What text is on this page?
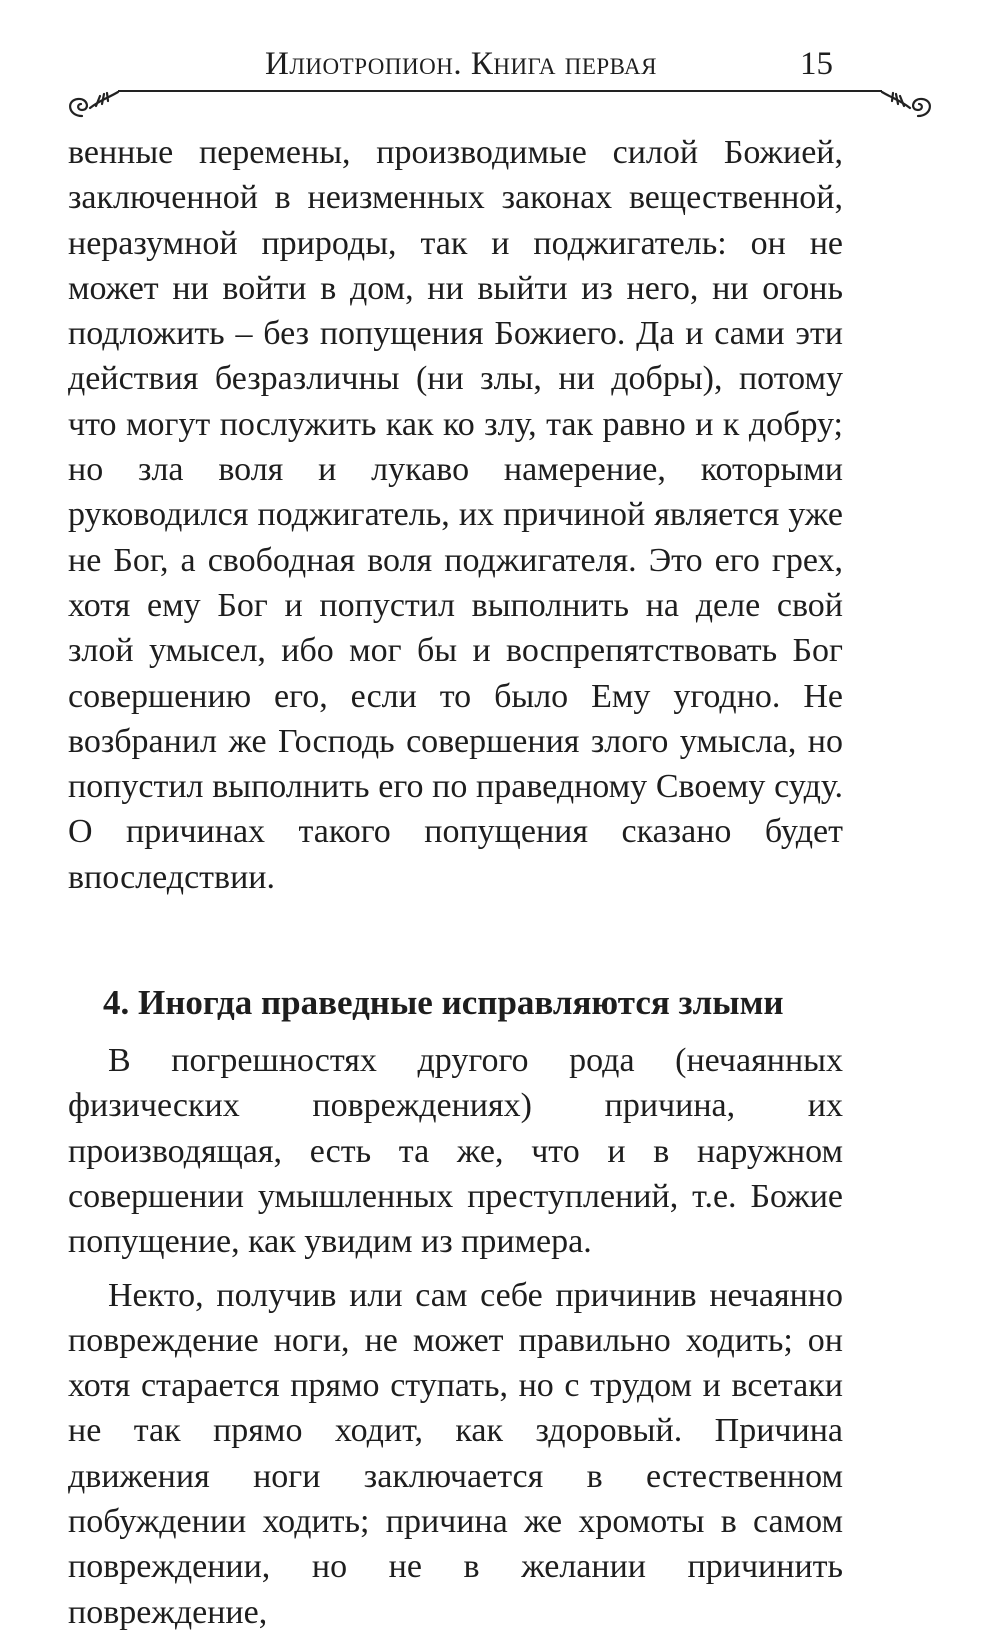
Илиотропион. Книга первая	15

венные перемены, производимые силой Божией, заключенной в неизменных законах вещественной, неразумной природы, так и поджигатель: он не может ни войти в дом, ни выйти из него, ни огонь подложить – без попущения Божиего. Да и сами эти действия безразличны (ни злы, ни добры), потому что могут послужить как ко злу, так равно и к добру; но зла воля и лукаво намерение, которыми руководился поджигатель, их причиной является уже не Бог, а свободная воля поджигателя. Это его грех, хотя ему Бог и попустил выполнить на деле свой злой умысел, ибо мог бы и воспрепятствовать Бог совершению его, если то было Ему угодно. Не возбранил же Господь совершения злого умысла, но попустил выполнить его по праведному Своему суду. О причинах такого попущения сказано будет впоследствии.

4. Иногда праведные исправляются злыми

В погрешностях другого рода (нечаянных физических повреждениях) причина, их производящая, есть та же, что и в наружном совершении умышленных преступлений, т.е. Божие попущение, как увидим из примера.

Некто, получив или сам себе причинив нечаянно повреждение ноги, не может правильно ходить; он хотя старается прямо ступать, но с трудом и всетаки не так прямо ходит, как здоровый. Причина движения ноги заключается в естественном побуждении ходить; причина же хромоты в самом повреждении, но не в желании причинить повреждение,
